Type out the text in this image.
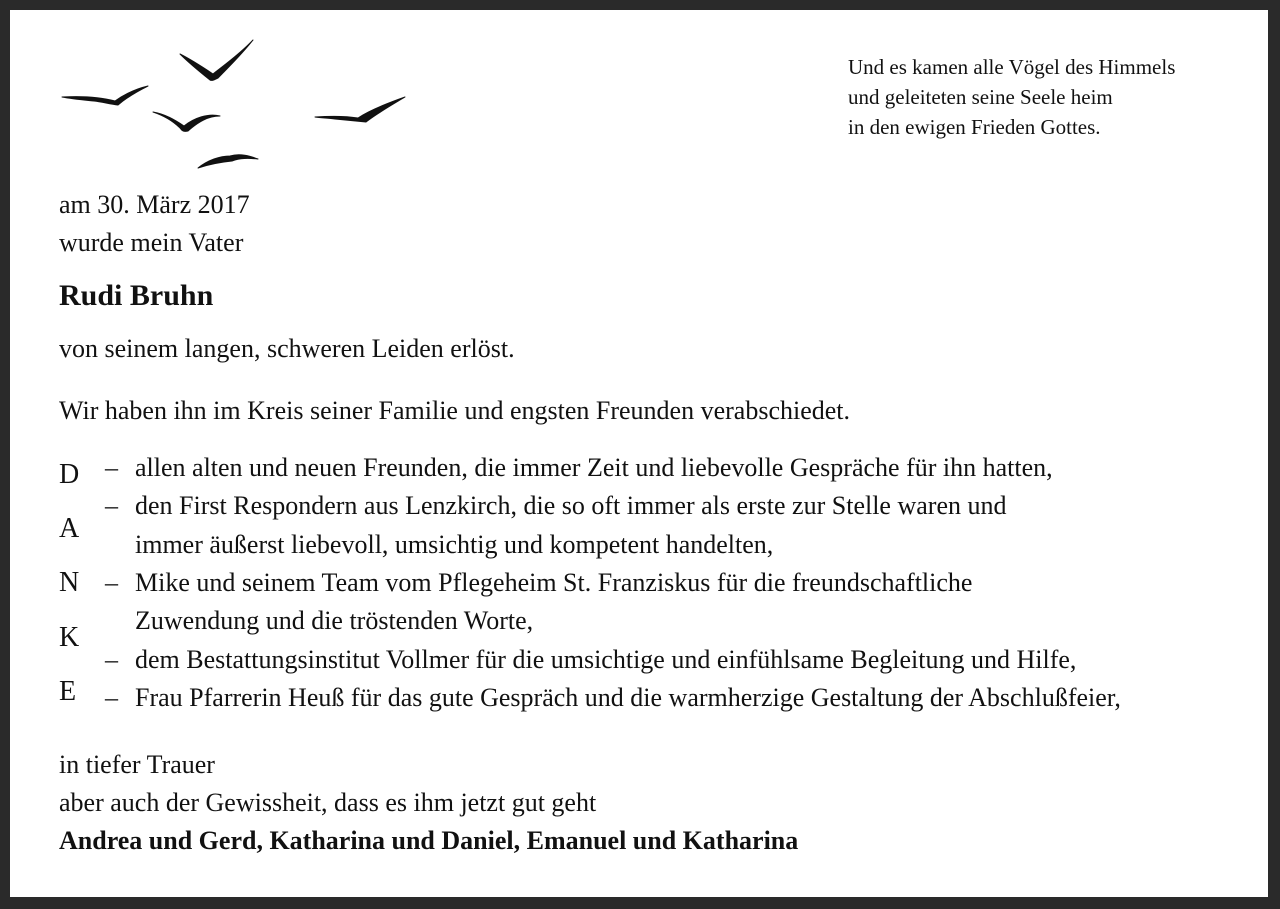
Und es kamen alle Vögel des Himmels
und geleiteten seine Seele heim
in den ewigen Frieden Gottes.
am 30. März 2017
wurde mein Vater
Rudi Bruhn
von seinem langen, schweren Leiden erlöst.
Wir haben ihn im Kreis seiner Familie und engsten Freunden verabschiedet.
D
A
N
K
E
–
–
–
–
–
allen alten und neuen Freunden, die immer Zeit und liebevolle Gespräche für ihn hatten,
den First Respondern aus Lenzkirch, die so oft immer als erste zur Stelle waren und
immer äußerst liebevoll, umsichtig und kompetent handelten,
Mike und seinem Team vom Pflegeheim St. Franziskus für die freundschaftliche
Zuwendung und die tröstenden Worte,
dem Bestattungsinstitut Vollmer für die umsichtige und einfühlsame Begleitung und Hilfe,
Frau Pfarrerin Heuß für das gute Gespräch und die warmherzige Gestaltung der Abschlußfeier,
in tiefer Trauer
aber auch der Gewissheit, dass es ihm jetzt gut geht
Andrea und Gerd, Katharina und Daniel, Emanuel und Katharina
